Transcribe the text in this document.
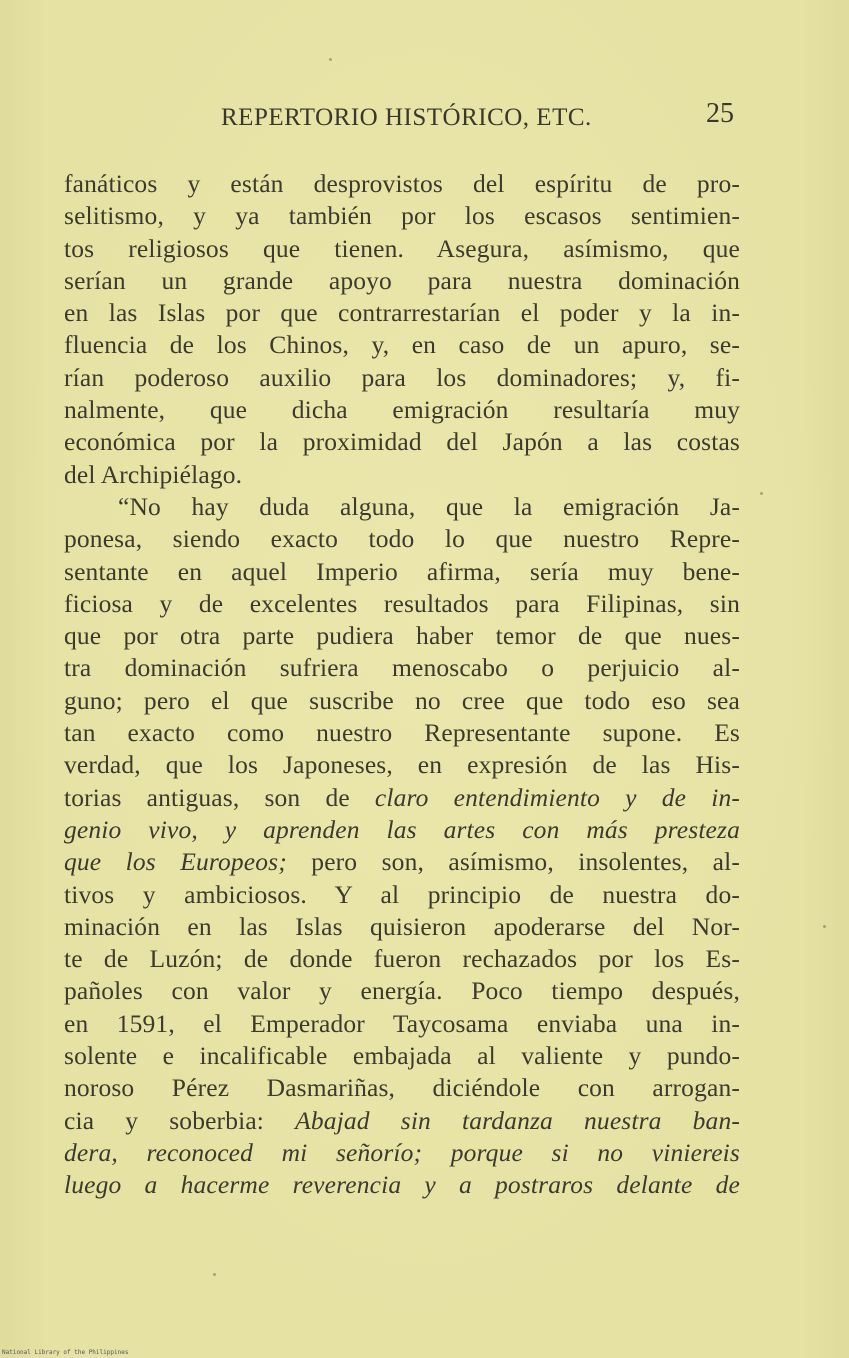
REPERTORIO HISTÓRICO, ETC.	25
fanáticos y están desprovistos del espíritu de pro-
selitismo, y ya también por los escasos sentimien-
tos religiosos que tienen. Asegura, asímismo, que
serían un grande apoyo para nuestra dominación
en las Islas por que contrarrestarían el poder y la in-
fluencia de los Chinos, y, en caso de un apuro, se-
rían poderoso auxilio para los dominadores; y, fi-
nalmente, que dicha emigración resultaría muy
económica por la proximidad del Japón a las costas
del Archipiélago.
“No hay duda alguna, que la emigración Ja-
ponesa, siendo exacto todo lo que nuestro Repre-
sentante en aquel Imperio afirma, sería muy bene-
ficiosa y de excelentes resultados para Filipinas, sin
que por otra parte pudiera haber temor de que nues-
tra dominación sufriera menoscabo o perjuicio al-
guno; pero el que suscribe no cree que todo eso sea
tan exacto como nuestro Representante supone. Es
verdad, que los Japoneses, en expresión de las His-
torias antiguas, son de claro entendimiento y de in-
genio vivo, y aprenden las artes con más presteza
que los Europeos; pero son, asímismo, insolentes, al-
tivos y ambiciosos. Y al principio de nuestra do-
minación en las Islas quisieron apoderarse del Nor-
te de Luzón; de donde fueron rechazados por los Es-
pañoles con valor y energía. Poco tiempo después,
en 1591, el Emperador Taycosama enviaba una in-
solente e incalificable embajada al valiente y pundo-
noroso Pérez Dasmariñas, diciéndole con arrogan-
cia y soberbia: Abajad sin tardanza nuestra ban-
dera, reconoced mi señorío; porque si no viniereis
luego a hacerme reverencia y a postraros delante de
National Library of the Philippines
